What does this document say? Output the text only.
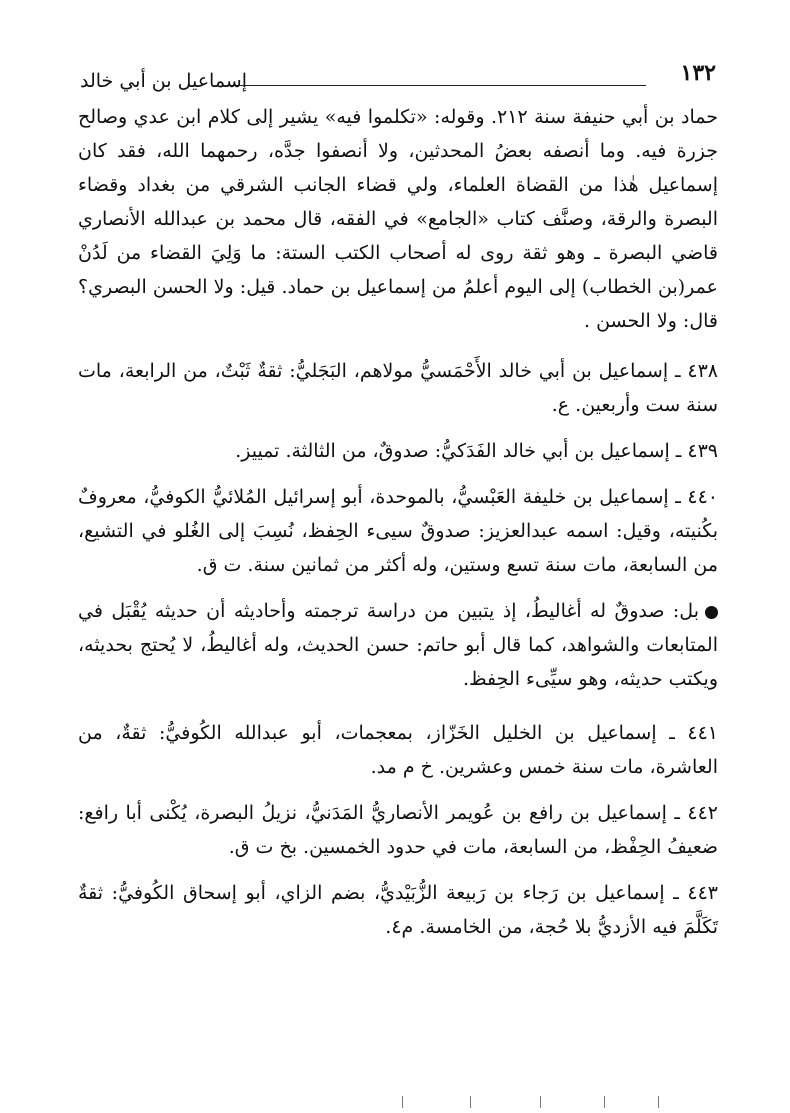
١٣٢
إسماعيل بن أبي خالد

حماد بن أبي حنيفة سنة ٢١٢. وقوله: «تكلموا فيه» يشير إلى كلام ابن عدي وصالح جزرة فيه. وما أنصفه بعضُ المحدثين، ولا أنصفوا جدَّه، رحمهما الله، فقد كان إسماعيل هٰذا من القضاة العلماء، ولي قضاء الجانب الشرقي من بغداد وقضاء البصرة والرقة، وصنَّف كتاب «الجامع» في الفقه، قال محمد بن عبدالله الأنصاري قاضي البصرة ـ وهو ثقة روى له أصحاب الكتب الستة: ما وَلِيَ القضاء من لَدُنْ عمر(بن الخطاب) إلى اليوم أعلمُ من إسماعيل بن حماد. قيل: ولا الحسن البصري؟ قال: ولا الحسن .

٤٣٨ ـ إسماعيل بن أبي خالد الأَحْمَسيُّ مولاهم، البَجَليُّ: ثقةٌ ثَبْتٌ، من الرابعة، مات سنة ست وأربعين. ع.

٤٣٩ ـ إسماعيل بن أبي خالد الفَدَكيُّ: صدوقٌ، من الثالثة. تمييز.

٤٤٠ ـ إسماعيل بن خليفة العَبْسيُّ، بالموحدة، أبو إسرائيل المُلائيُّ الكوفيُّ، معروفٌ بكُنيته، وقيل: اسمه عبدالعزيز: صدوقٌ سيىء الحِفظ، نُسِبَ إلى الغُلو في التشيع، من السابعة، مات سنة تسع وستين، وله أكثر من ثمانين سنة. ت ق.

بل: صدوقٌ له أغاليطُ، إذ يتبين من دراسة ترجمته وأحاديثه أن حديثه يُقْبَل في المتابعات والشواهد، كما قال أبو حاتم: حسن الحديث، وله أغاليطُ، لا يُحتج بحديثه، ويكتب حديثه، وهو سيِّىء الحِفظ.

٤٤١ ـ إسماعيل بن الخليل الخَزّاز، بمعجمات، أبو عبدالله الكُوفيُّ: ثقةٌ، من العاشرة، مات سنة خمس وعشرين. خ م مد.

٤٤٢ ـ إسماعيل بن رافع بن عُويمر الأنصاريُّ المَدَنيُّ، نزيلُ البصرة، يُكْنى أبا رافع: ضعيفُ الحِفْظ، من السابعة، مات في حدود الخمسين. بخ ت ق.

٤٤٣ ـ إسماعيل بن رَجاء بن رَبيعة الزُّبَيْديُّ، بضم الزاي، أبو إسحاق الكُوفيُّ: ثقةٌ تَكَلَّمَ فيه الأزديُّ بلا حُجة، من الخامسة. م٤.
